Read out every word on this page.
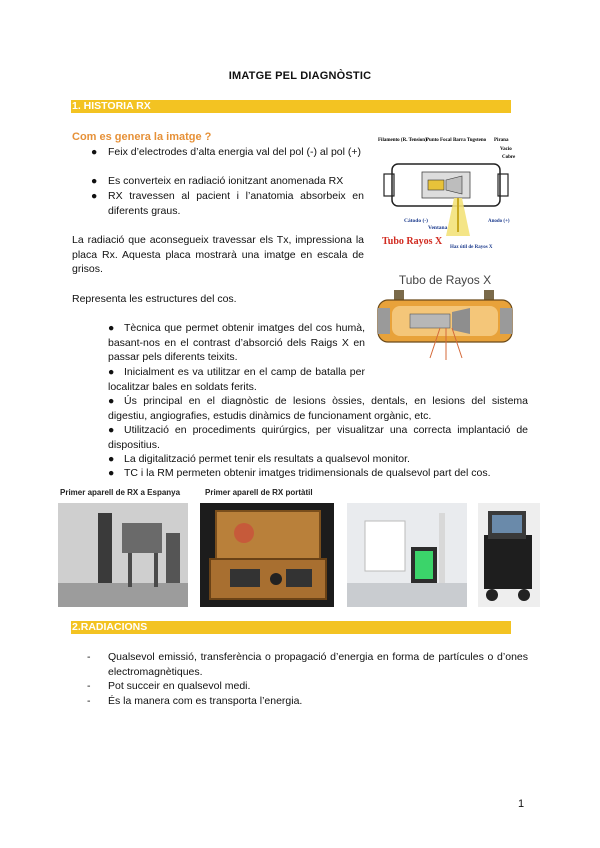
IMATGE PEL DIAGNÒSTIC
1. HISTORIA RX
Com es genera la imatge ?
● Feix d’electrodes d’alta energia val del pol (-) al pol (+)
● Es converteix en radiació ionitzant anomenada RX
● RX travessen al pacient i l’anatomia absorbeix en diferents graus.
La radiació que aconsegueix travessar els Tx, impressiona la placa Rx. Aquesta placa mostrarà una imatge en escala de grisos.
Representa les estructures del cos.
● Tècnica que permet obtenir imatges del cos humà, basant-nos en el contrast d’absorció dels Raigs X en passar pels diferents teixits.
● Inicialment es va utilitzar en el camp de batalla per localitzar bales en soldats ferits.
● Ús principal en el diagnòstic de lesions òssies, dentals, en lesions del sistema digestiu, angiografies, estudis dinàmics de funcionament orgànic, etc.
● Utilització en procediments quirúrgics, per visualitzar una correcta implantació de dispositius.
● La digitalització permet tenir els resultats a qualsevol monitor.
● TC i la RM permeten obtenir imatges tridimensionals de qualsevol part del cos.
Filamento (R. Tension) Punto Focal Barra Tugsteno Pirana
Vacio
Cobre
Cátodo (-)	Anodo (+)
Ventana
Haz útil de Rayos X
Tubo Rayos X
Tubo de Rayos X
Primer aparell de RX a Espanya	Primer aparell de RX portàtil
2.RADIACIONS
- Qualsevol emissió, transferència o propagació d’energia en forma de partícules o d’ones electromagnètiques.
- Pot succeir en qualsevol medi.
- És la manera com es transporta l’energia.
1
